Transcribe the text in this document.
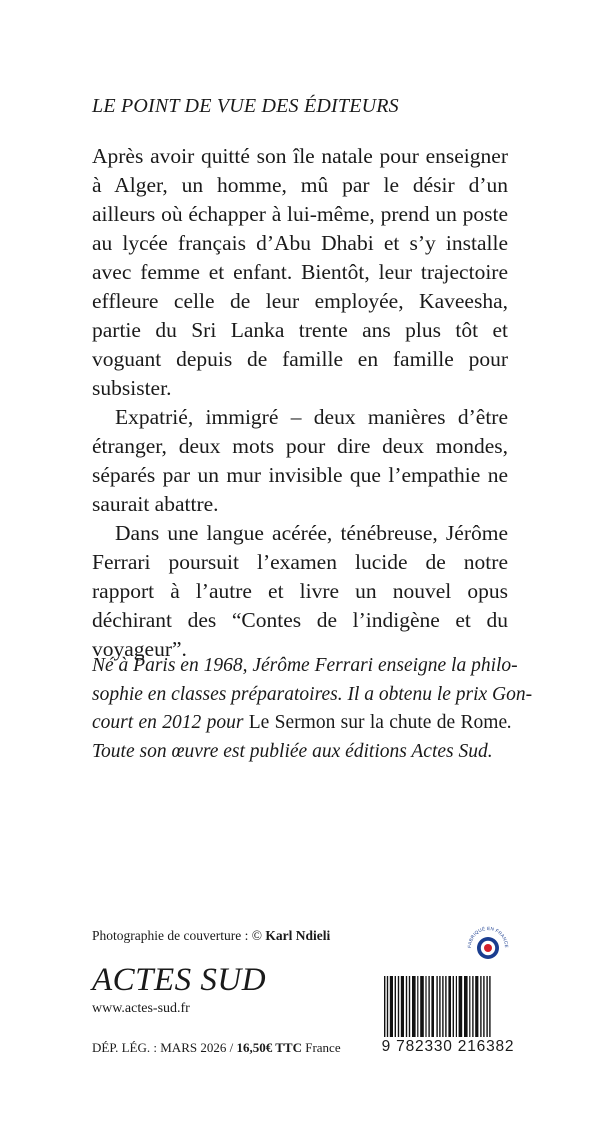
LE POINT DE VUE DES ÉDITEURS

Après avoir quitté son île natale pour enseigner à Alger, un homme, mû par le désir d’un ailleurs où échapper à lui-même, prend un poste au lycée français d’Abu Dhabi et s’y installe avec femme et enfant. Bientôt, leur trajectoire effleure celle de leur employée, Kaveesha, partie du Sri Lanka trente ans plus tôt et voguant depuis de famille en famille pour subsister.

Expatrié, immigré – deux manières d’être étranger, deux mots pour dire deux mondes, séparés par un mur invisible que l’empathie ne saurait abattre.

Dans une langue acérée, ténébreuse, Jérôme Ferrari poursuit l’examen lucide de notre rapport à l’autre et livre un nouvel opus déchirant des “Contes de l’indigène et du voyageur”.

Né à Paris en 1968, Jérôme Ferrari enseigne la philo-
sophie en classes préparatoires. Il a obtenu le prix Gon-
court en 2012 pour Le Sermon sur la chute de Rome.
Toute son œuvre est publiée aux éditions Actes Sud.
Photographie de couverture : © Karl Ndieli
FABRIQUÉ EN FRANCE
ACTES SUD
www.actes-sud.fr
DÉP. LÉG. : MARS 2026 / 16,50€ TTC France	9 782330 216382
